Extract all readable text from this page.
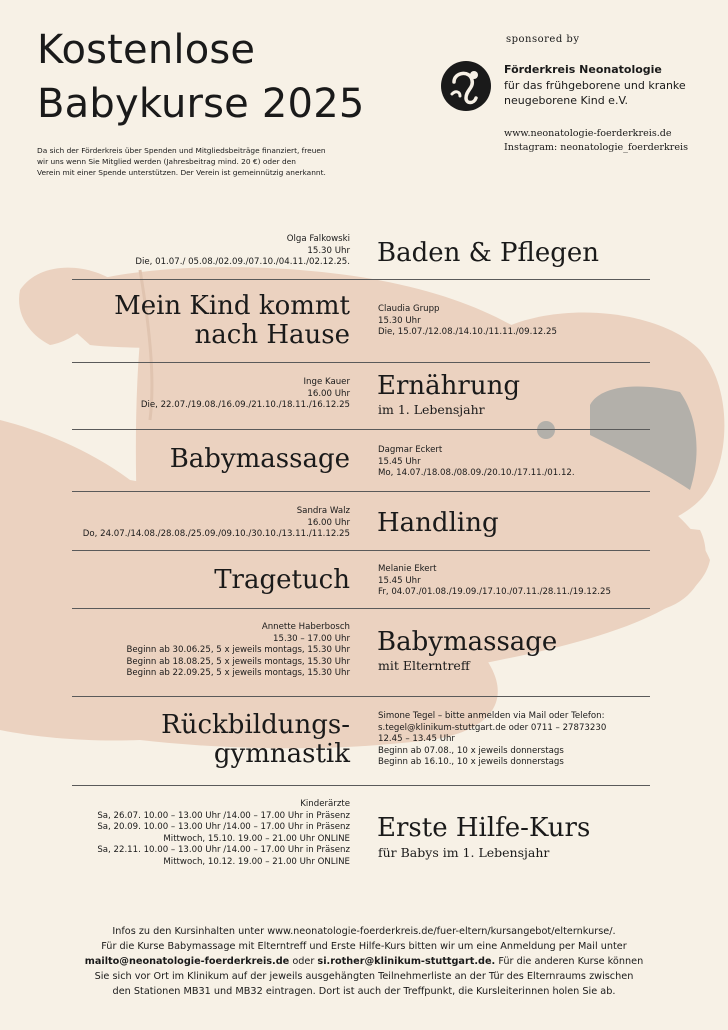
Kostenlose
Babykurse 2025
Da sich der Förderkreis über Spenden und Mitgliedsbeiträge finanziert, freuen
wir uns wenn Sie Mitglied werden (Jahresbeitrag mind. 20 €) oder den
Verein mit einer Spende unterstützen. Der Verein ist gemeinnützig anerkannt.
sponsored by
Förderkreis Neonatologie
für das frühgeborene und kranke
neugeborene Kind e.V.
www.neonatologie-foerderkreis.de
Instagram: neonatologie_foerderkreis
Olga Falkowski
15.30 Uhr
Die, 01.07./ 05.08./02.09./07.10./04.11./02.12.25. Baden & Pflegen
Mein Kind kommt
nach Hause
Claudia Grupp
15.30 Uhr
Die, 15.07./12.08./14.10./11.11./09.12.25
Inge Kauer
16.00 Uhr
Die, 22.07./19.08./16.09./21.10./18.11./16.12.25
Ernährung
im 1. Lebensjahr
Babymassage	Dagmar Eckert
15.45 Uhr
Mo, 14.07./18.08./08.09./20.10./17.11./01.12.
Sandra Walz
16.00 Uhr
Do, 24.07./14.08./28.08./25.09./09.10./30.10./13.11./11.12.25 Handling
Tragetuch	Melanie Ekert
15.45 Uhr
Fr, 04.07./01.08./19.09./17.10./07.11./28.11./19.12.25
Annette Haberbosch
15.30 – 17.00 Uhr
Beginn ab 30.06.25, 5 x jeweils montags, 15.30 Uhr
Beginn ab 18.08.25, 5 x jeweils montags, 15.30 Uhr
Beginn ab 22.09.25, 5 x jeweils montags, 15.30 Uhr
Babymassage
mit Elterntreff
Rückbildungs-
gymnastik
Simone Tegel – bitte anmelden via Mail oder Telefon:
s.tegel@klinikum-stuttgart.de oder 0711 – 27873230
12.45 – 13.45 Uhr
Beginn ab 07.08., 10 x jeweils donnerstags
Beginn ab 16.10., 10 x jeweils donnerstags
Kinderärzte
Sa, 26.07. 10.00 – 13.00 Uhr /14.00 – 17.00 Uhr in Präsenz
Sa, 20.09. 10.00 – 13.00 Uhr /14.00 – 17.00 Uhr in Präsenz
Mittwoch, 15.10. 19.00 – 21.00 Uhr ONLINE
Sa, 22.11. 10.00 – 13.00 Uhr /14.00 – 17.00 Uhr in Präsenz
Mittwoch, 10.12. 19.00 – 21.00 Uhr ONLINE
Erste Hilfe-Kurs
für Babys im 1. Lebensjahr
Infos zu den Kursinhalten unter www.neonatologie-foerderkreis.de/fuer-eltern/kursangebot/elternkurse/.
Für die Kurse Babymassage mit Elterntreff und Erste Hilfe-Kurs bitten wir um eine Anmeldung per Mail unter
mailto@neonatologie-foerderkreis.de oder si.rother@klinikum-stuttgart.de. Für die anderen Kurse können
Sie sich vor Ort im Klinikum auf der jeweils ausgehängten Teilnehmerliste an der Tür des Elternraums zwischen
den Stationen MB31 und MB32 eintragen. Dort ist auch der Treffpunkt, die Kursleiterinnen holen Sie ab.
